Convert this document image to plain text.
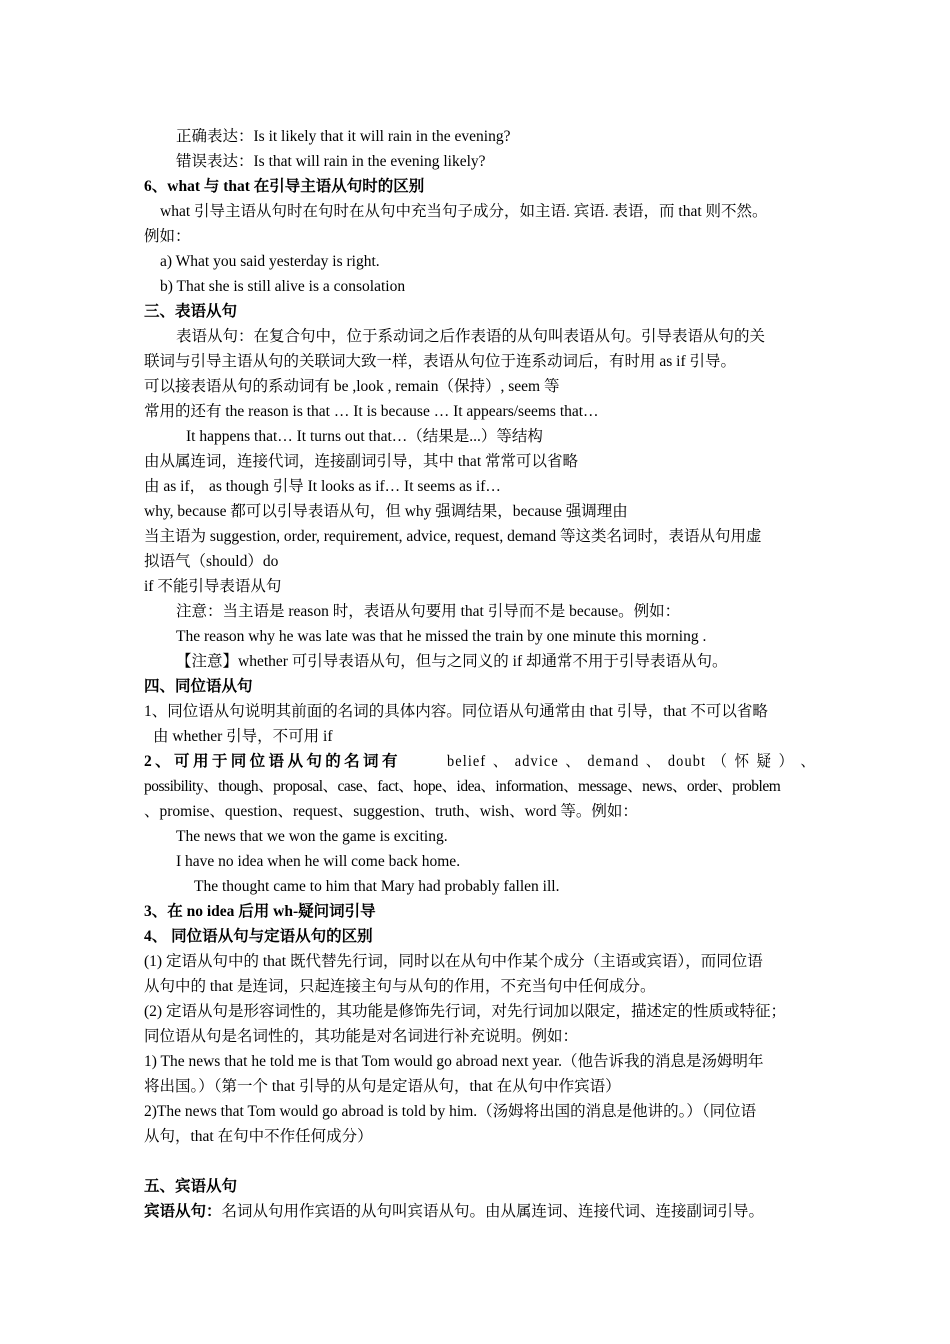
正确表达：Is it likely that it will rain in the evening?
错误表达：Is that will rain in the evening likely?
6、what 与 that 在引导主语从句时的区别
what 引导主语从句时在句时在从句中充当句子成分，如主语. 宾语. 表语，而 that 则不然。
例如：
a) What you said yesterday is right.
b) That she is still alive is a consolation
三、表语从句
表语从句：在复合句中，位于系动词之后作表语的从句叫表语从句。引导表语从句的关
联词与引导主语从句的关联词大致一样，表语从句位于连系动词后，有时用 as if 引导。
可以接表语从句的系动词有 be ,look , remain（保持）, seem 等
常用的还有 the reason is that … It is because … It appears/seems that…
It happens that… It turns out that…（结果是...）等结构
由从属连词，连接代词，连接副词引导，其中 that 常常可以省略
由 as if， as though 引导 It looks as if… It seems as if…
why, because 都可以引导表语从句，但 why 强调结果，because 强调理由
当主语为 suggestion, order, requirement, advice, request, demand 等这类名词时，表语从句用虚
拟语气（should）do
if 不能引导表语从句
注意：当主语是 reason 时，表语从句要用 that 引导而不是 because。例如：
The reason why he was late was that he missed the train by one minute this morning .
【注意】whether 可引导表语从句，但与之同义的 if 却通常不用于引导表语从句。
四、同位语从句
1、同位语从句说明其前面的名词的具体内容。同位语从句通常由 that 引导，that 不可以省略
由 whether 引导，不可用 if
2、可用于同位语从句的名词有	belief 、 advice 、 demand 、 doubt （ 怀 疑 ） 、
possibility、though、proposal、case、fact、hope、idea、information、message、news、order、problem
、promise、question、request、suggestion、truth、wish、word 等。例如：
The news that we won the game is exciting.
I have no idea when he will come back home.
The thought came to him that Mary had probably fallen ill.
3、在 no idea 后用 wh-疑问词引导
4、 同位语从句与定语从句的区别
(1) 定语从句中的 that 既代替先行词，同时以在从句中作某个成分（主语或宾语），而同位语
从句中的 that 是连词，只起连接主句与从句的作用，不充当句中任何成分。
(2) 定语从句是形容词性的，其功能是修饰先行词，对先行词加以限定，描述定的性质或特征；
同位语从句是名词性的，其功能是对名词进行补充说明。例如：
1) The news that he told me is that Tom would go abroad next year.（他告诉我的消息是汤姆明年
将出国。）（第一个 that 引导的从句是定语从句，that 在从句中作宾语）
2)The news that Tom would go abroad is told by him.（汤姆将出国的消息是他讲的。）（同位语
从句，that 在句中不作任何成分）
五、宾语从句
宾语从句：名词从句用作宾语的从句叫宾语从句。由从属连词、连接代词、连接副词引导。
